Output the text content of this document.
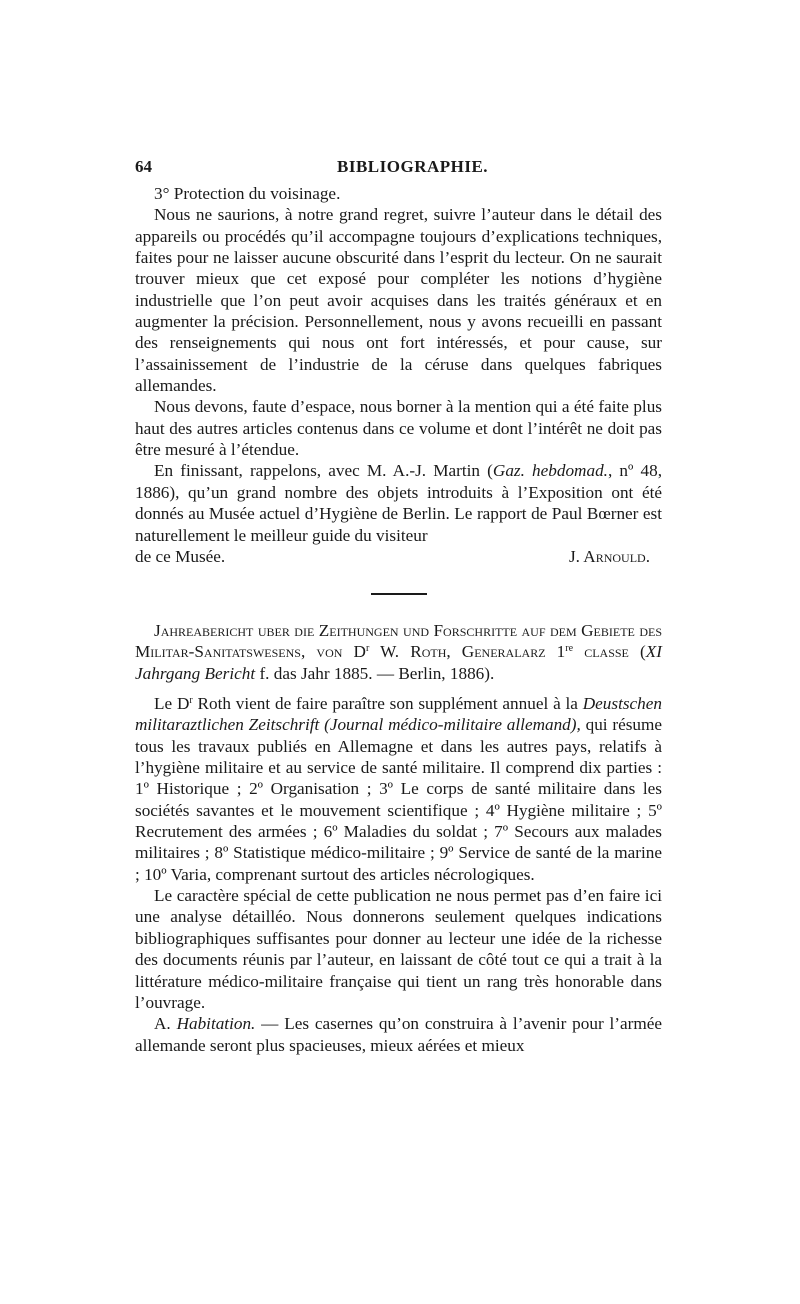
64	BIBLIOGRAPHIE.

3° Protection du voisinage.

Nous ne saurions, à notre grand regret, suivre l’auteur dans le détail des appareils ou procédés qu’il accompagne toujours d’explications techniques, faites pour ne laisser aucune obscurité dans l’esprit du lecteur. On ne saurait trouver mieux que cet exposé pour compléter les notions d’hygiène industrielle que l’on peut avoir acquises dans les traités généraux et en augmenter la précision. Personnellement, nous y avons recueilli en passant des renseignements qui nous ont fort intéressés, et pour cause, sur l’assainissement de l’industrie de la céruse dans quelques fabriques allemandes.

Nous devons, faute d’espace, nous borner à la mention qui a été faite plus haut des autres articles contenus dans ce volume et dont l’intérêt ne doit pas être mesuré à l’étendue.

En finissant, rappelons, avec M. A.-J. Martin (Gaz. hebdomad., nº 48, 1886), qu’un grand nombre des objets introduits à l’Exposition ont été donnés au Musée actuel d’Hygiène de Berlin. Le rapport de Paul Bœrner est naturellement le meilleur guide du visiteur

de ce Musée.	J. Arnould.

Jahreabericht uber die Zeithungen und Forschritte auf dem Gebiete des Militar-Sanitatswesens, von $D^r$ W. Roth, Generalarz 1re classe (XI Jahrgang Bericht f. das Jahr 1885. — Berlin, 1886).

Le $D^r$ Roth vient de faire paraître son supplément annuel à la Deustschen militaraztlichen Zeitschrift (Journal médico-militaire allemand), qui résume tous les travaux publiés en Allemagne et dans les autres pays, relatifs à l’hygiène militaire et au service de santé militaire. Il comprend dix parties : 1º Historique ; 2º Organisation ; 3º Le corps de santé militaire dans les sociétés savantes et le mouvement scientifique ; 4º Hygiène militaire ; 5º Recrutement des armées ; 6º Maladies du soldat ; 7º Secours aux malades militaires ; 8º Statistique médico-militaire ; 9º Service de santé de la marine ; 10º Varia, comprenant surtout des articles nécrologiques.

Le caractère spécial de cette publication ne nous permet pas d’en faire ici une analyse détailléo. Nous donnerons seulement quelques indications bibliographiques suffisantes pour donner au lecteur une idée de la richesse des documents réunis par l’auteur, en laissant de côté tout ce qui a trait à la littérature médico-militaire française qui tient un rang très honorable dans l’ouvrage.

A. Habitation. — Les casernes qu’on construira à l’avenir pour l’armée allemande seront plus spacieuses, mieux aérées et mieux
